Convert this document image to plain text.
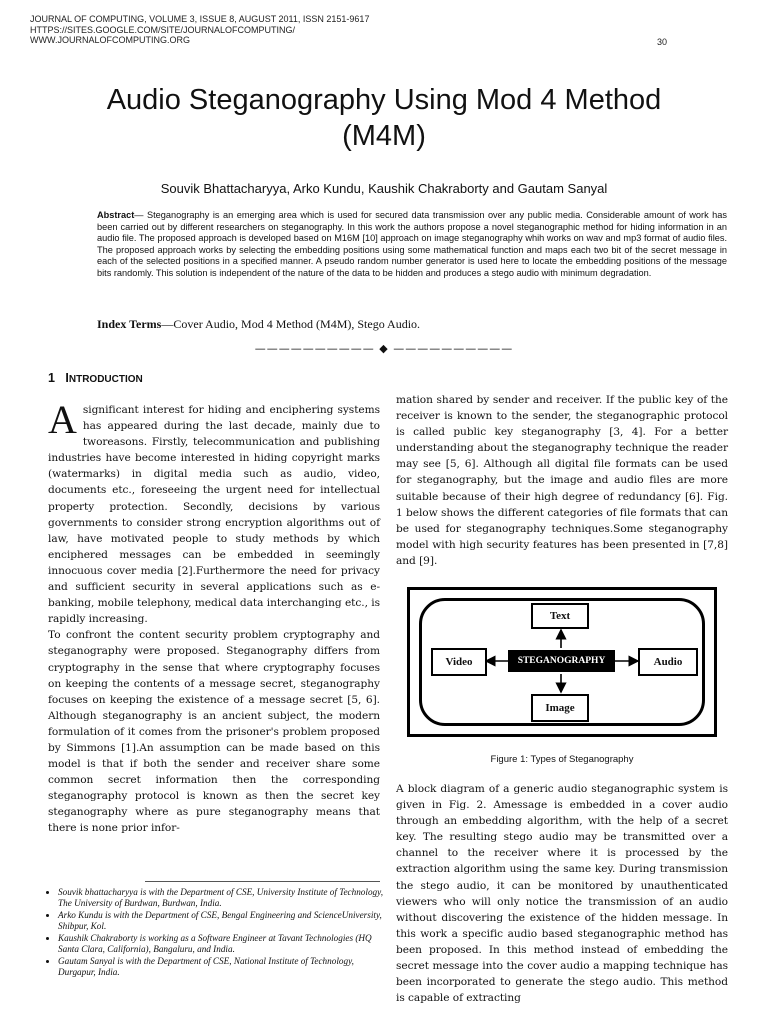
JOURNAL OF COMPUTING, VOLUME 3, ISSUE 8, AUGUST 2011, ISSN 2151-9617
HTTPS://SITES.GOOGLE.COM/SITE/JOURNALOFCOMPUTING/
WWW.JOURNALOFCOMPUTING.ORG	30
Audio Steganography Using Mod 4 Method
(M4M)
Souvik Bhattacharyya, Arko Kundu, Kaushik Chakraborty and Gautam Sanyal
Abstract— Steganography is an emerging area which is used for secured data transmission over any public media. Considerable amount of work has been carried out by different researchers on steganography. In this work the authors propose a novel steganographic method for hiding information in an audio file. The proposed approach is developed based on M16M [10] approach on image steganography whih works on wav and mp3 format of audio files. The proposed approach works by selecting the embedding positions using some mathematical function and maps each two bit of the secret message in each of the selected positions in a specified manner. A pseudo random number generator is used here to locate the embedding positions of the message bits randomly. This solution is independent of the nature of the data to be hidden and produces a stego audio with minimum degradation.
Index Terms—Cover Audio, Mod 4 Method (M4M), Stego Audio.
—————————— ◆ ——————————
1 INTRODUCTION
A significant interest for hiding and enciphering systems has appeared during the last decade, mainly due to tworeasons. Firstly, telecommunication and publishing industries have become interested in hiding copyright marks (watermarks) in digital media such as audio, video, documents etc., foreseeing the urgent need for intellectual property protection. Secondly, decisions by various governments to consider strong encryption algorithms out of law, have motivated people to study methods by which enciphered messages can be embedded in seemingly innocuous cover media [2].Furthermore the need for privacy and sufficient security in several applications such as e-banking, mobile telephony, medical data interchanging etc., is rapidly increasing.
To confront the content security problem cryptography and steganography were proposed. Steganography differs from cryptography in the sense that where cryptography focuses on keeping the contents of a message secret, steganography focuses on keeping the existence of a message secret [5, 6]. Although steganography is an ancient subject, the modern formulation of it comes from the prisoner's problem proposed by Simmons [1].An assumption can be made based on this model is that if both the sender and receiver share some common secret information then the corresponding steganography protocol is known as then the secret key steganography where as pure steganography means that there is none prior infor-
• Souvik bhattacharyya is with the Department of CSE, University Institute of Technology, The University of Burdwan, Burdwan, India.
• Arko Kundu is with the Department of CSE, Bengal Engineering and ScienceUniversity, Shibpur, Kol.
• Kaushik Chakraborty is working as a Software Engineer at Tavant Technologies (HQ Santa Clara, California), Bangaluru, and India.
• Gautam Sanyal is with the Department of CSE, National Institute of Technology, Durgapur, India.
mation shared by sender and receiver. If the public key of the receiver is known to the sender, the steganographic protocol is called public key steganography [3, 4]. For a better understanding about the steganography technique the reader may see [5, 6]. Although all digital file formats can be used for steganography, but the image and audio files are more suitable because of their high degree of redundancy [6]. Fig. 1 below shows the different categories of file formats that can be used for steganography techniques.Some steganography model with high security features has been presented in [7,8] and [9].
STEGANOGRAPHY
Text
Video	Audio
Image
Figure 1: Types of Steganography
A block diagram of a generic audio steganographic system is given in Fig. 2. Amessage is embedded in a cover audio through an embedding algorithm, with the help of a secret key. The resulting stego audio may be transmitted over a channel to the receiver where it is processed by the extraction algorithm using the same key. During transmission the stego audio, it can be monitored by unauthenticated viewers who will only notice the transmission of an audio without discovering the existence of the hidden message. In this work a specific audio based steganographic method has been proposed. In this method instead of embedding the secret message into the cover audio a mapping technique has been incorporated to generate the stego audio. This method is capable of extracting
